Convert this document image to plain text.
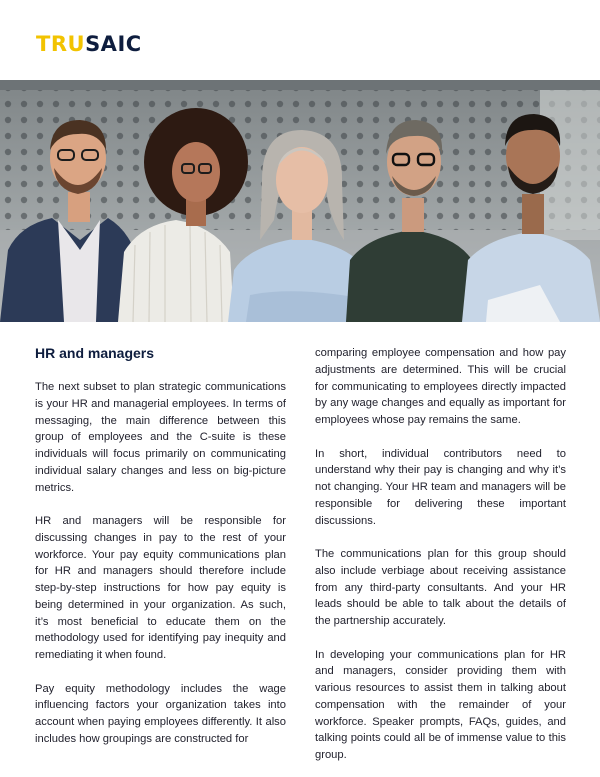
TRUSAIC
HR and managers

The next subset to plan strategic communications is your HR and managerial employees. In terms of messaging, the main difference between this group of employees and the C-suite is these individuals will focus primarily on communicating individual salary changes and less on big-picture metrics.

HR and managers will be responsible for discussing changes in pay to the rest of your workforce. Your pay equity communications plan for HR and managers should therefore include step-by-step instructions for how pay equity is being determined in your organization. As such, it’s most beneficial to educate them on the methodology used for identifying pay inequity and remediating it when found.

Pay equity methodology includes the wage influencing factors your organization takes into account when paying employees differently. It also includes how groupings are constructed for

comparing employee compensation and how pay adjustments are determined. This will be crucial for communicating to employees directly impacted by any wage changes and equally as important for employees whose pay remains the same.

In short, individual contributors need to understand why their pay is changing and why it’s not changing. Your HR team and managers will be responsible for delivering these important discussions.

The communications plan for this group should also include verbiage about receiving assistance from any third-party consultants. And your HR leads should be able to talk about the details of the partnership accurately.

In developing your communications plan for HR and managers, consider providing them with various resources to assist them in talking about compensation with the remainder of your workforce. Speaker prompts, FAQs, guides, and talking points could all be of immense value to this group.
